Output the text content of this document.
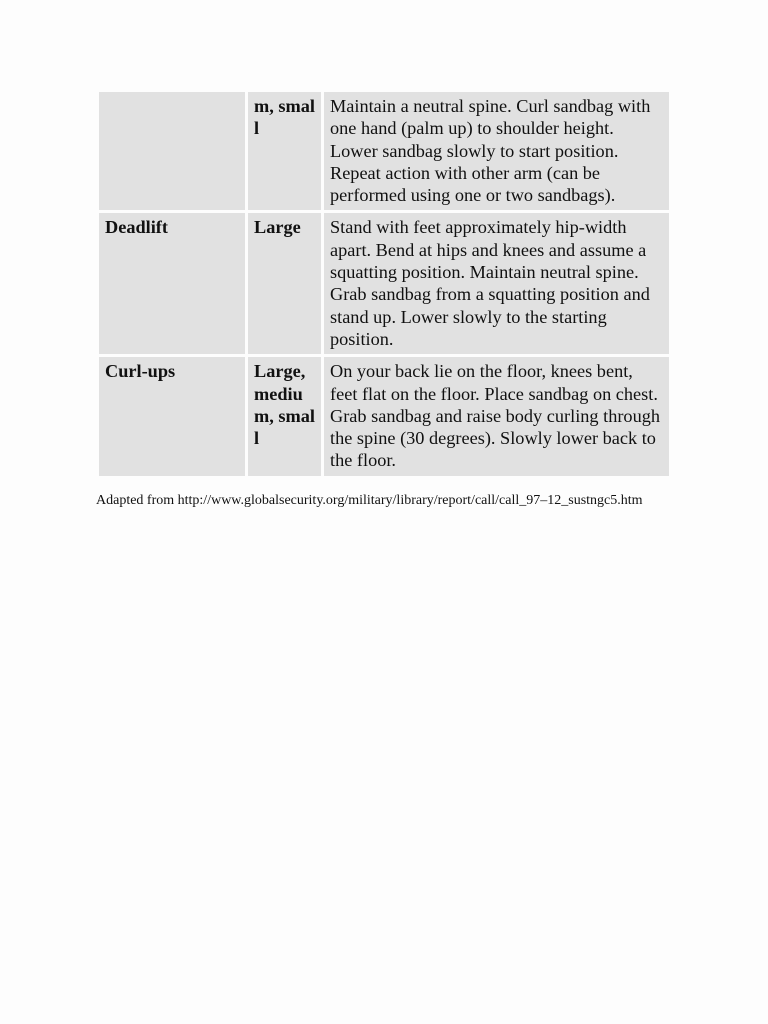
	m, small	Maintain a neutral spine. Curl sandbag with one hand (palm up) to shoulder height. Lower sandbag slowly to start position. Repeat action with other arm (can be performed using one or two sandbags).
Deadlift	Large	Stand with feet approximately hip-width apart. Bend at hips and knees and assume a squatting position. Maintain neutral spine. Grab sandbag from a squatting position and stand up. Lower slowly to the starting position.
Curl-ups	Large, medium, small	On your back lie on the floor, knees bent, feet flat on the floor. Place sandbag on chest. Grab sandbag and raise body curling through the spine (30 degrees). Slowly lower back to the floor.
Adapted from http://www.globalsecurity.org/military/library/report/call/call_97–12_sustngc5.htm
